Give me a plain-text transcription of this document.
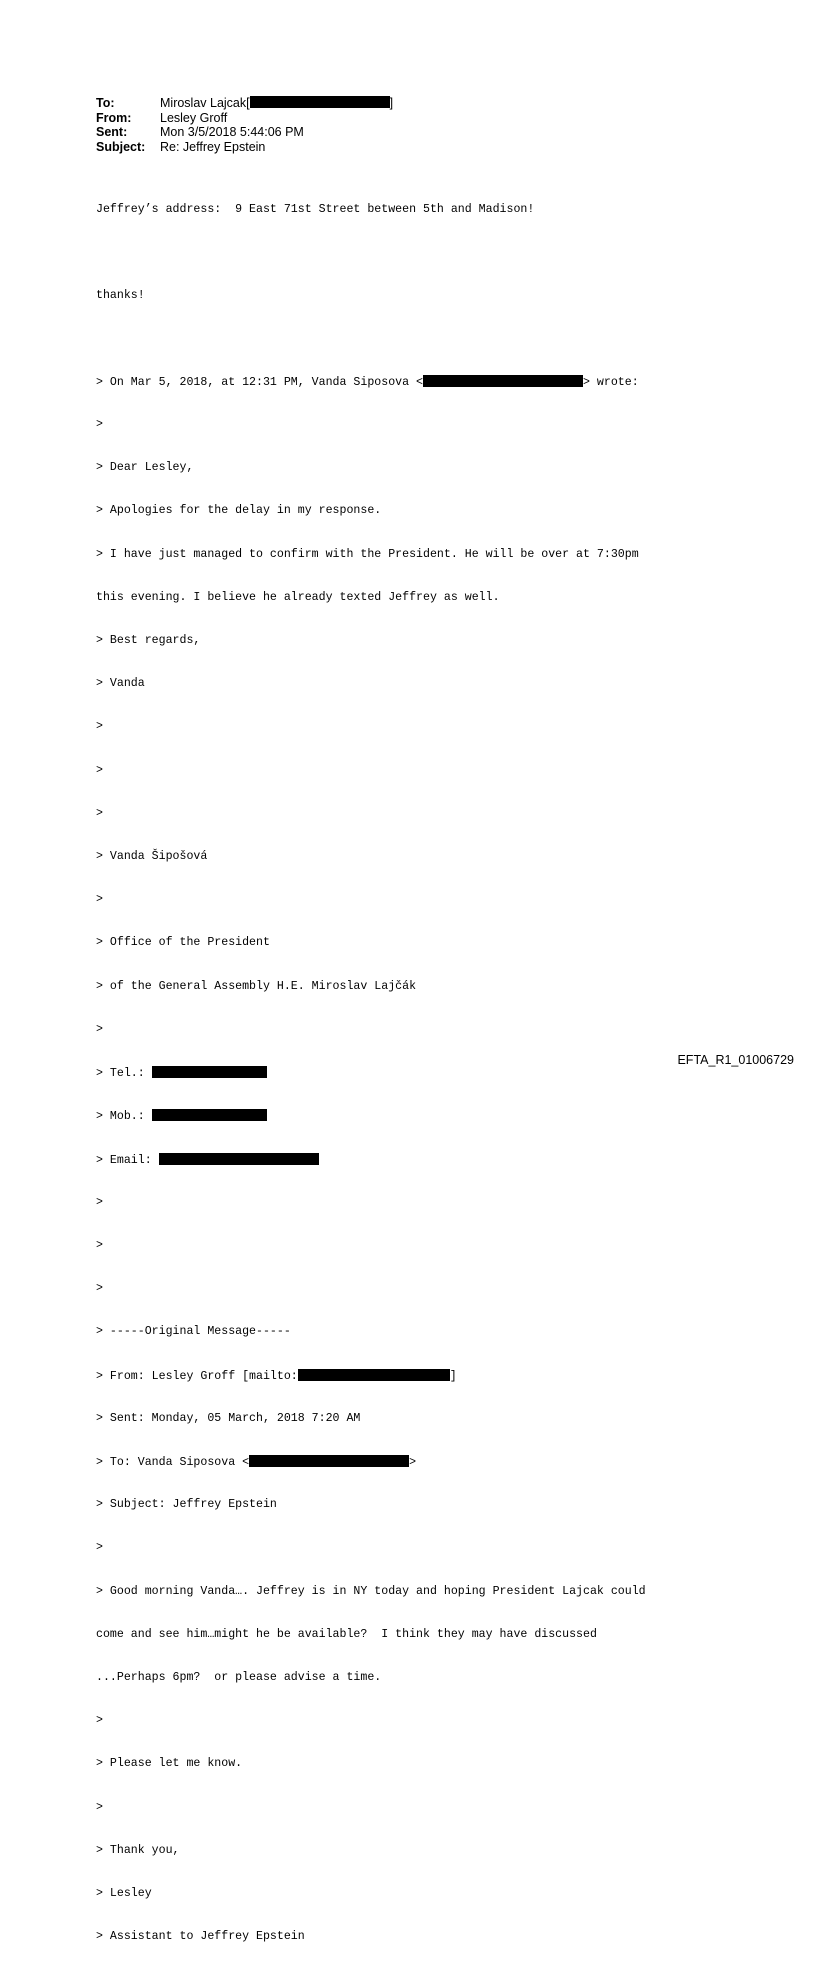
To:	Miroslav Lajcak[	]
From:	Lesley Groff
Sent:	Mon 3/5/2018 5:44:06 PM
Subject:	Re: Jeffrey Epstein

Jeffrey’s address:  9 East 71st Street between 5th and Madison!

thanks!

> On Mar 5, 2018, at 12:31 PM, Vanda Siposova <	> wrote:

>

> Dear Lesley,

> Apologies for the delay in my response.

> I have just managed to confirm with the President. He will be over at 7:30pm

this evening. I believe he already texted Jeffrey as well.

> Best regards,

> Vanda

>

>

>

> Vanda Šipošová

>

> Office of the President

> of the General Assembly H.E. Miroslav Lajčák

>

> Tel.:

> Mob.:

> Email:

>

>

>

> -----Original Message-----

> From: Lesley Groff [mailto:	]

> Sent: Monday, 05 March, 2018 7:20 AM

> To: Vanda Siposova <	>

> Subject: Jeffrey Epstein

>

> Good morning Vanda…. Jeffrey is in NY today and hoping President Lajcak could

come and see him…might he be available?  I think they may have discussed

...Perhaps 6pm?  or please advise a time.

>

> Please let me know.

>

> Thank you,

> Lesley

> Assistant to Jeffrey Epstein

EFTA_R1_01006729
